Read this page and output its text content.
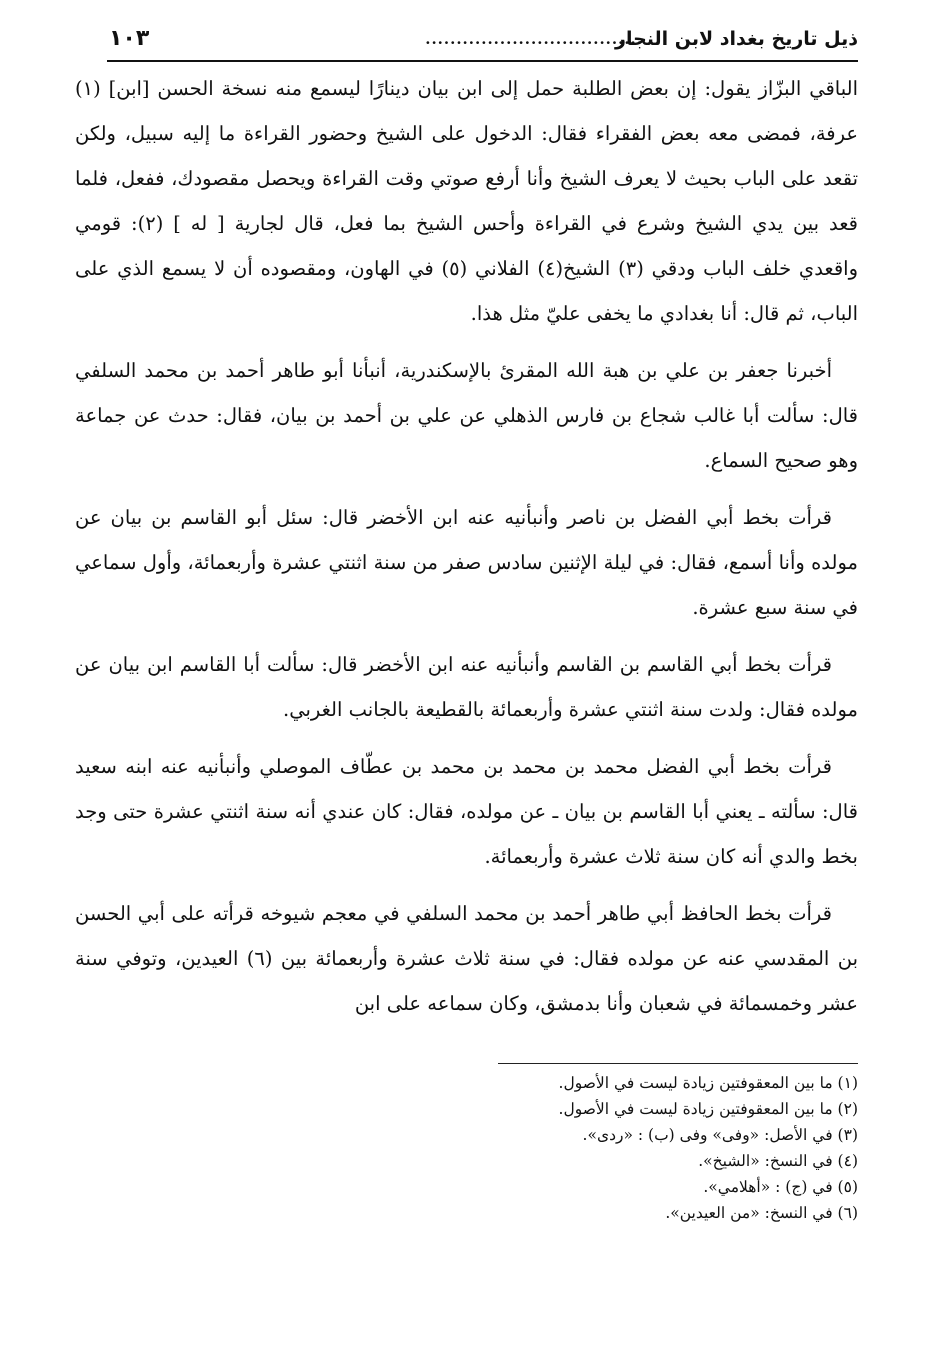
ذيل تاريخ بغداد لابن النجار
...................................
١٠٣

الباقي البزّاز يقول: إن بعض الطلبة حمل إلى ابن بيان دينارًا ليسمع منه نسخة الحسن [ابن] (١) عرفة، فمضى معه بعض الفقراء فقال: الدخول على الشيخ وحضور القراءة ما إليه سبيل، ولكن تقعد على الباب بحيث لا يعرف الشيخ وأنا أرفع صوتي وقت القراءة ويحصل مقصودك، ففعل، فلما قعد بين يدي الشيخ وشرع في القراءة وأحس الشيخ بما فعل، قال لجارية [ له ] (٢): قومي واقعدي خلف الباب ودقي (٣) الشيخ(٤) الفلاني (٥) في الهاون، ومقصوده أن لا يسمع الذي على الباب، ثم قال: أنا بغدادي ما يخفى عليّ مثل هذا.

أخبرنا جعفر بن علي بن هبة الله المقرئ بالإسكندرية، أنبأنا أبو طاهر أحمد بن محمد السلفي قال: سألت أبا غالب شجاع بن فارس الذهلي عن علي بن أحمد بن بيان، فقال: حدث عن جماعة وهو صحيح السماع.

قرأت بخط أبي الفضل بن ناصر وأنبأنيه عنه ابن الأخضر قال: سئل أبو القاسم بن بيان عن مولده وأنا أسمع، فقال: في ليلة الإثنين سادس صفر من سنة اثنتي عشرة وأربعمائة، وأول سماعي في سنة سبع عشرة.

قرأت بخط أبي القاسم بن القاسم وأنبأنيه عنه ابن الأخضر قال: سألت أبا القاسم ابن بيان عن مولده فقال: ولدت سنة اثنتي عشرة وأربعمائة بالقطيعة بالجانب الغربي.

قرأت بخط أبي الفضل محمد بن محمد بن محمد بن عطّاف الموصلي وأنبأنيه عنه ابنه سعيد قال: سألته ـ يعني أبا القاسم بن بيان ـ عن مولده، فقال: كان عندي أنه سنة اثنتي عشرة حتى وجد بخط والدي أنه كان سنة ثلاث عشرة وأربعمائة.

قرأت بخط الحافظ أبي طاهر أحمد بن محمد السلفي في معجم شيوخه قرأته على أبي الحسن بن المقدسي عنه عن مولده فقال: في سنة ثلاث عشرة وأربعمائة بين (٦) العيدين، وتوفي سنة عشر وخمسمائة في شعبان وأنا بدمشق، وكان سماعه على ابن

(١) ما بين المعقوفتين زيادة ليست في الأصول.
(٢) ما بين المعقوفتين زيادة ليست في الأصول.
(٣) في الأصل: «وفى» وفى (ب) : «ردى».
(٤) في النسخ: «الشيخ».
(٥) في (ج) : «أهلامي».
(٦) في النسخ: «من العيدين».
